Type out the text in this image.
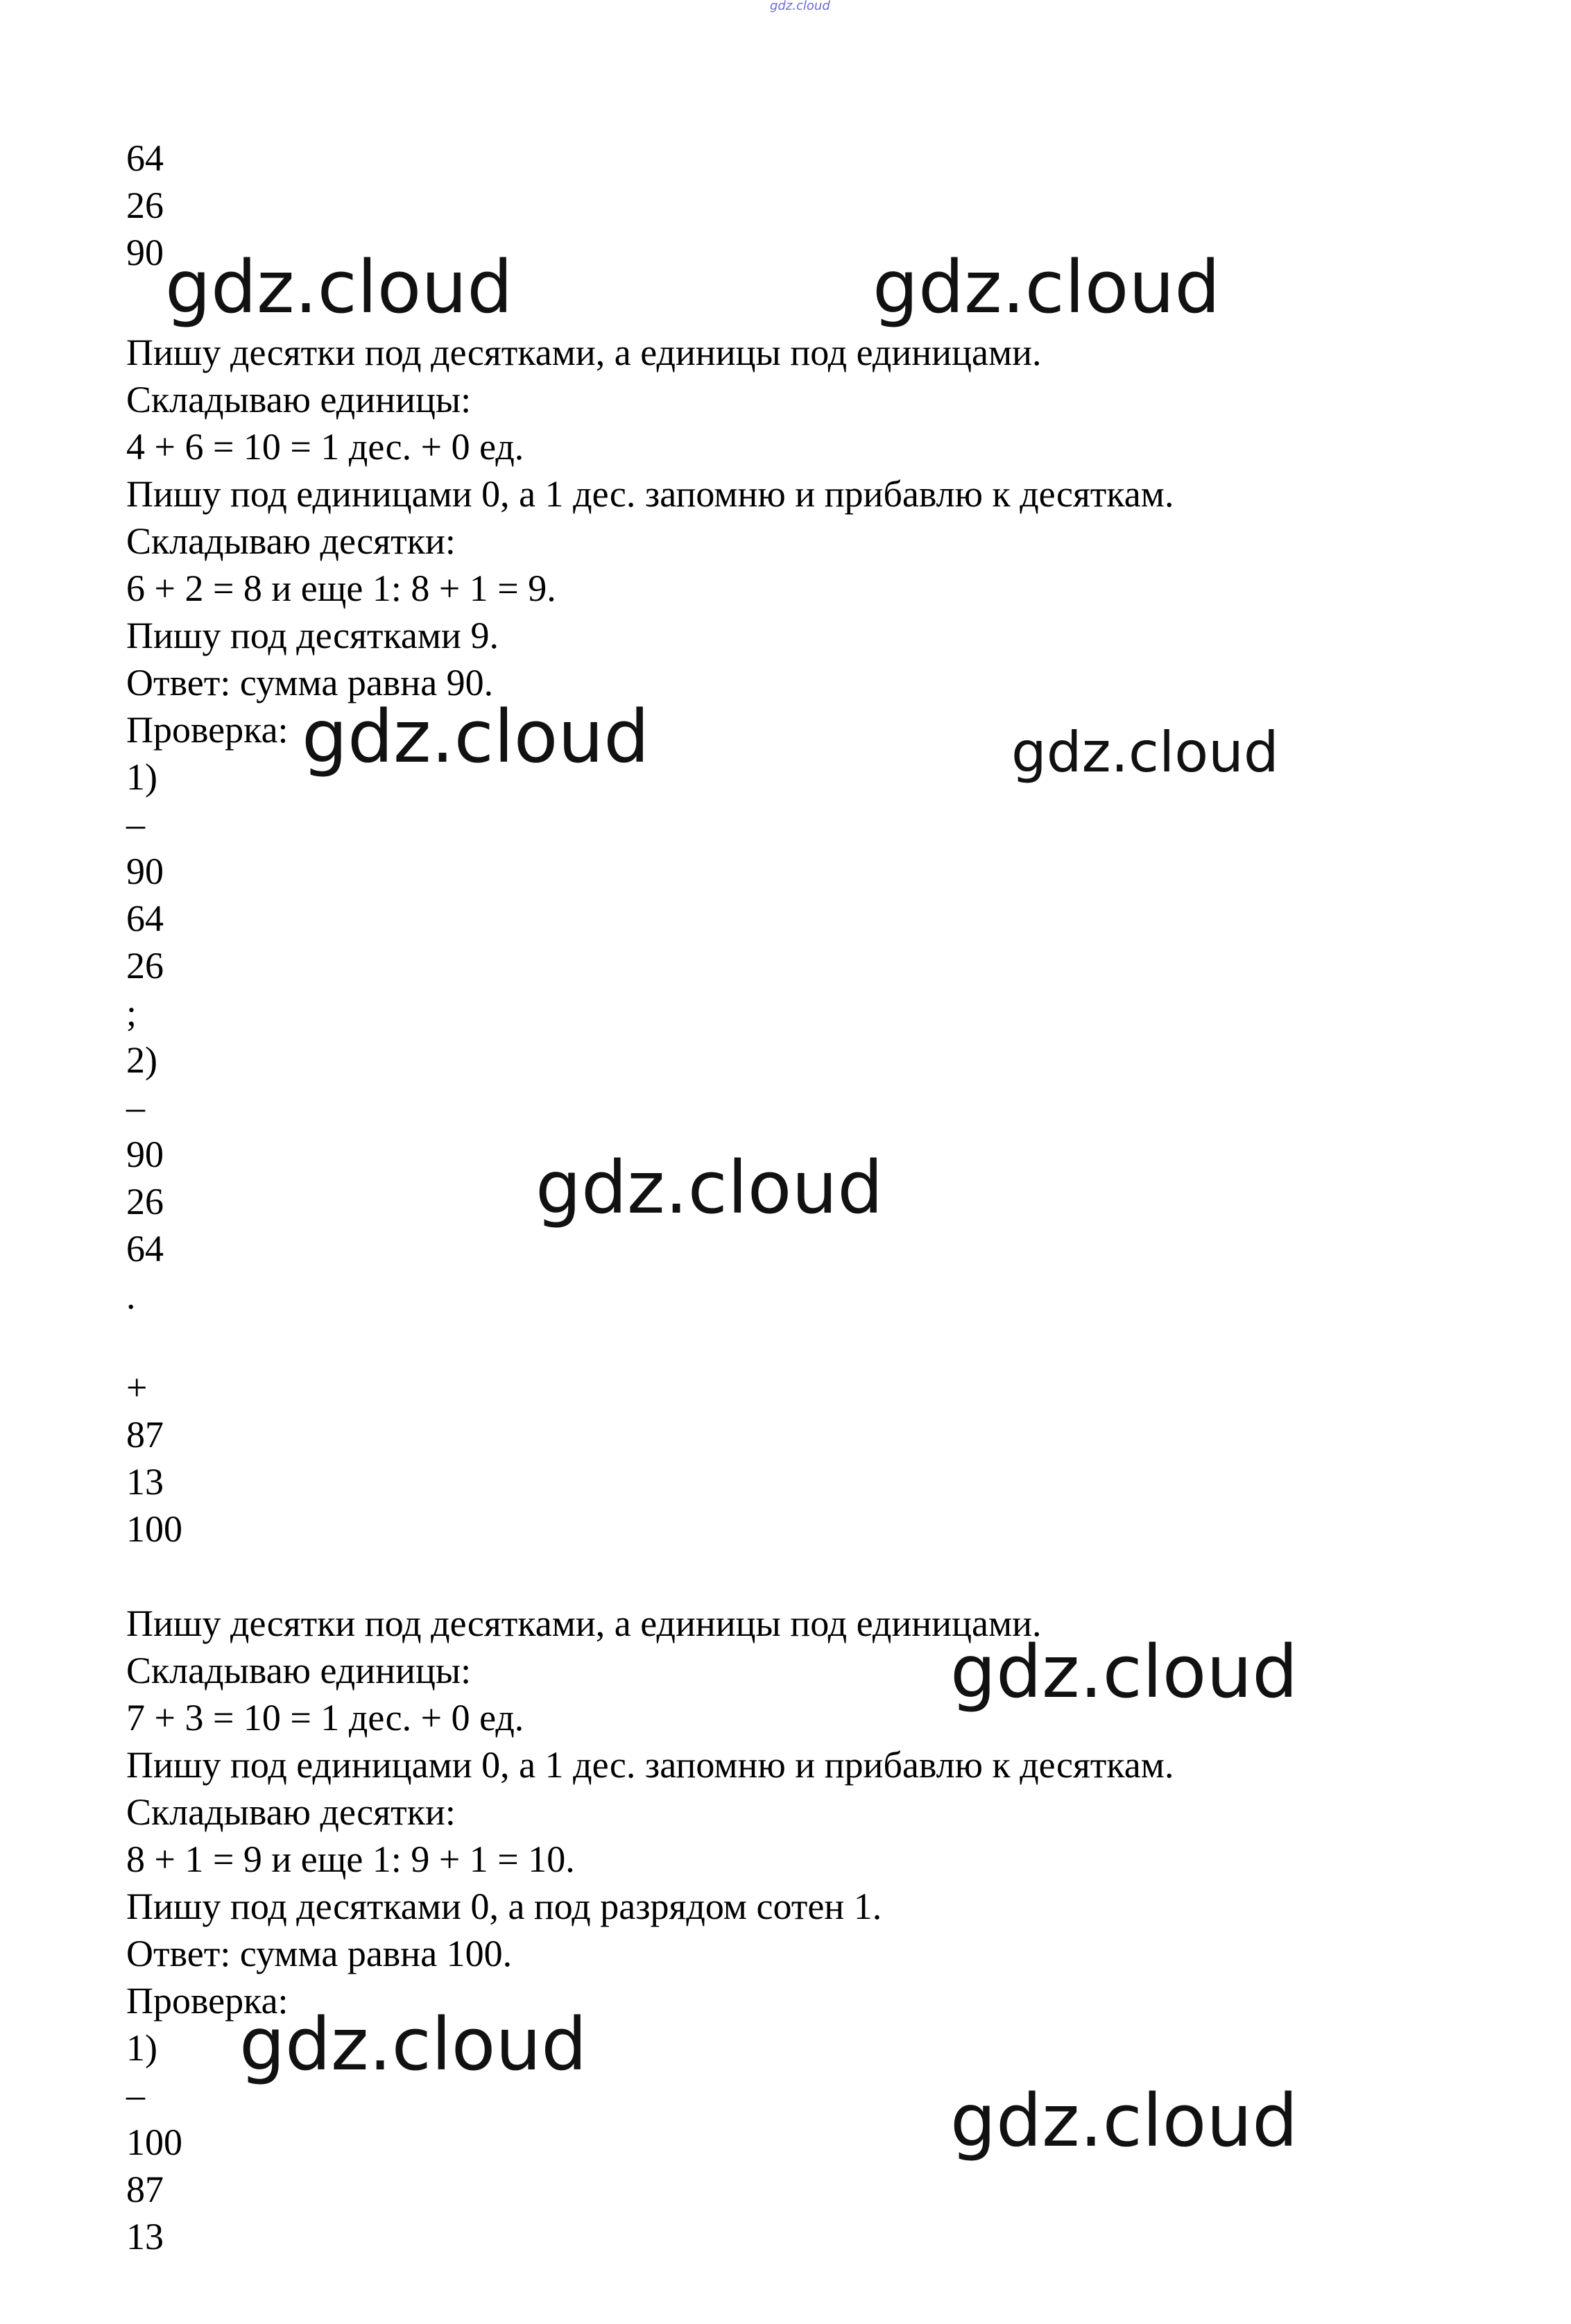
gdz.cloud

64

26

90

Пишу десятки под десятками, а единицы под единицами.

Складываю единицы:

4 + 6 = 10 = 1 дес. + 0 ед.

Пишу под единицами 0, а 1 дес. запомню и прибавлю к десяткам.

Складываю десятки:

6 + 2 = 8 и еще 1: 8 + 1 = 9.

Пишу под десятками 9.

Ответ: сумма равна 90.

Проверка:

1)

–

90

64

26

;

2)

–

90

26

64

.

+

87

13

100

Пишу десятки под десятками, а единицы под единицами.

Складываю единицы:

7 + 3 = 10 = 1 дес. + 0 ед.

Пишу под единицами 0, а 1 дес. запомню и прибавлю к десяткам.

Складываю десятки:

8 + 1 = 9 и еще 1: 9 + 1 = 10.

Пишу под десятками 0, а под разрядом сотен 1.

Ответ: сумма равна 100.

Проверка:

1)

–

100

87

13

gdz.cloud	gdz.cloud
gdz.cloud	gdz.cloud
gdz.cloud
gdz.cloud
gdz.cloud
gdz.cloud
